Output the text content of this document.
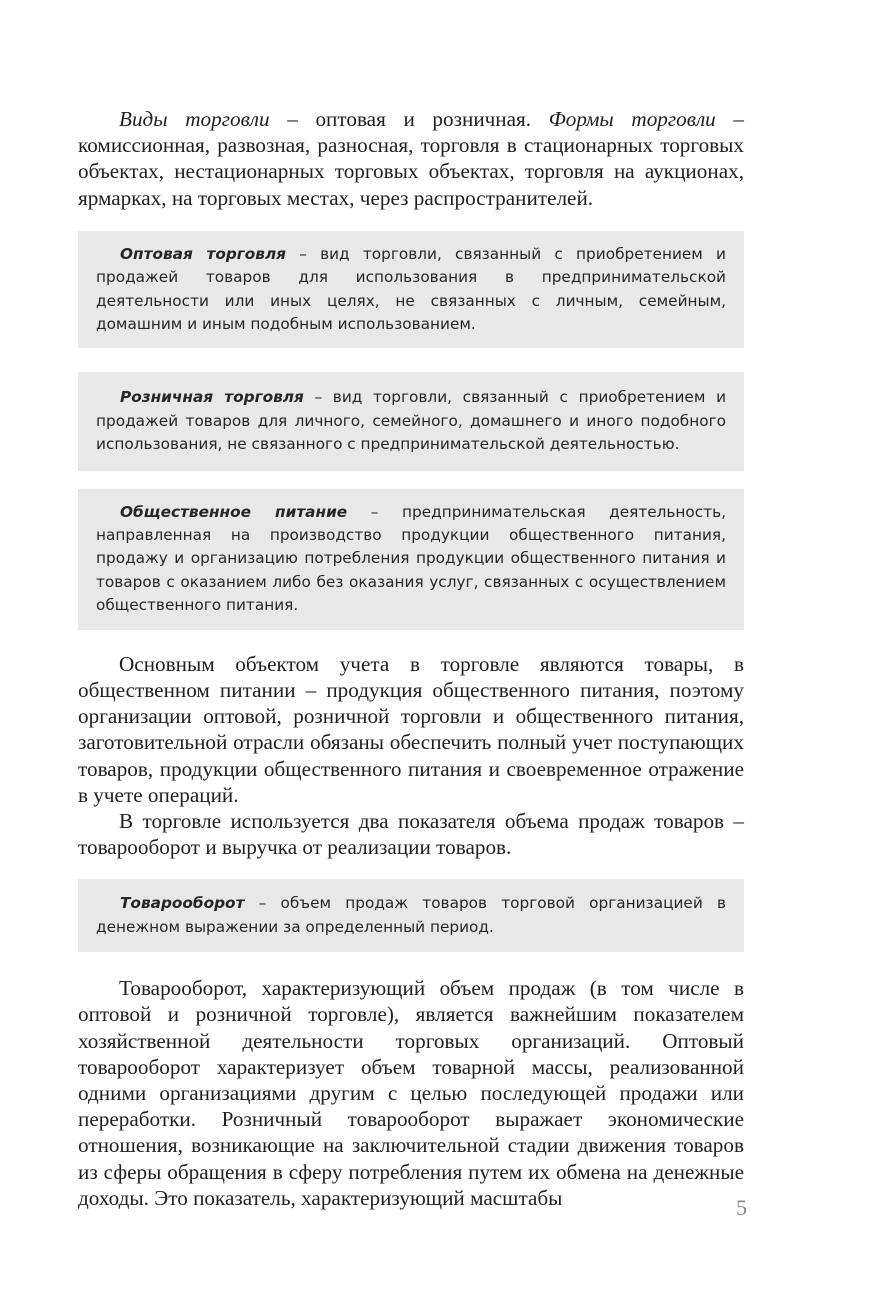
Виды торговли – оптовая и розничная. Формы торговли – комиссионная, развозная, разносная, торговля в стационарных торговых объектах, нестационарных торговых объектах, торговля на аукционах, ярмарках, на торговых местах, через распространителей.

Оптовая торговля – вид торговли, связанный с приобретением и продажей товаров для использования в предпринимательской деятельности или иных целях, не связанных с личным, семейным, домашним и иным подобным использованием.

Розничная торговля – вид торговли, связанный с приобретением и продажей товаров для личного, семейного, домашнего и иного подобного использования, не связанного с предпринимательской деятельностью.

Общественное питание – предпринимательская деятельность, направленная на производство продукции общественного питания, продажу и организацию потребления продукции общественного питания и товаров с оказанием либо без оказания услуг, связанных с осуществлением общественного питания.

Основным объектом учета в торговле являются товары, в общественном питании – продукция общественного питания, поэтому организации оптовой, розничной торговли и общественного питания, заготовительной отрасли обязаны обеспечить полный учет поступающих товаров, продукции общественного питания и своевременное отражение в учете операций.

В торговле используется два показателя объема продаж товаров – товарооборот и выручка от реализации товаров.

Товарооборот – объем продаж товаров торговой организацией в денежном выражении за определенный период.

Товарооборот, характеризующий объем продаж (в том числе в оптовой и розничной торговле), является важнейшим показателем хозяйственной деятельности торговых организаций. Оптовый товарооборот характеризует объем товарной массы, реализованной одними организациями другим с целью последующей продажи или переработки. Розничный товарооборот выражает экономические отношения, возникающие на заключительной стадии движения товаров из сферы обращения в сферу потребления путем их обмена на денежные доходы. Это показатель, характеризующий масштабы	5
